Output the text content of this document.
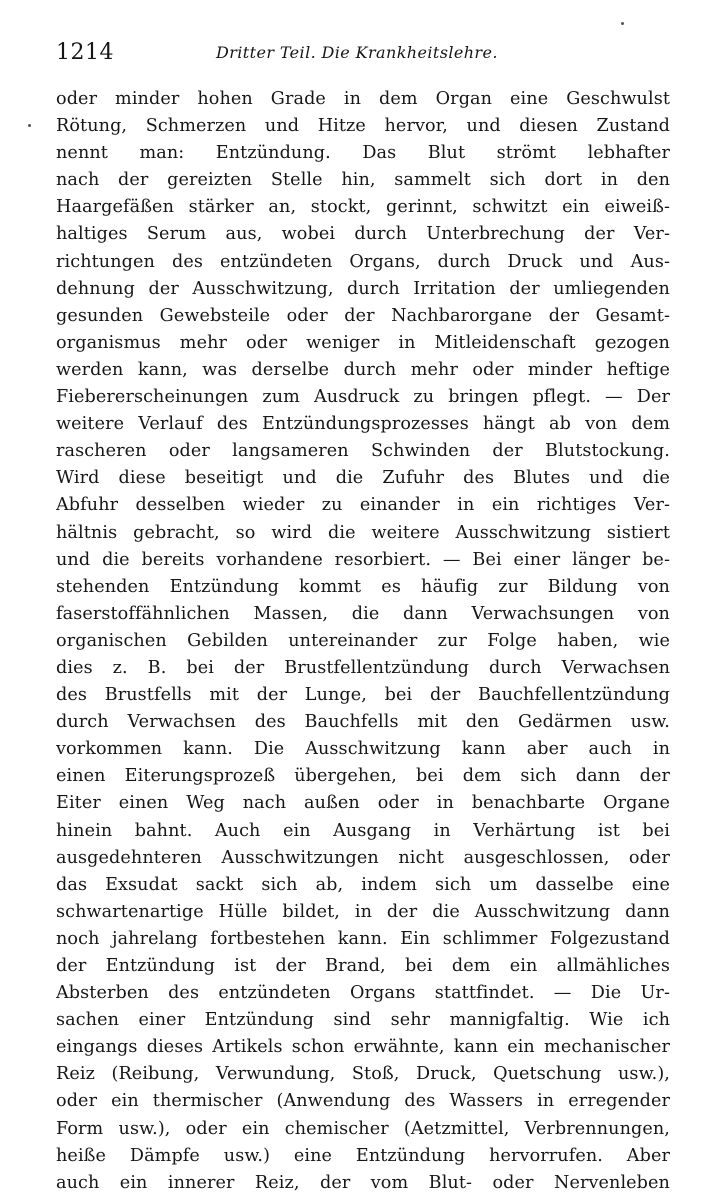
1214	Dritter Teil. Die Krankheitslehre.
oder minder hohen Grade in dem Organ eine Geschwulst
Rötung, Schmerzen und Hitze hervor, und diesen Zustand
nennt man: Entzündung. Das Blut strömt lebhafter
nach der gereizten Stelle hin, sammelt sich dort in den
Haargefäßen stärker an, stockt, gerinnt, schwitzt ein eiweiß-
haltiges Serum aus, wobei durch Unterbrechung der Ver-
richtungen des entzündeten Organs, durch Druck und Aus-
dehnung der Ausschwitzung, durch Irritation der umliegenden
gesunden Gewebsteile oder der Nachbarorgane der Gesamt-
organismus mehr oder weniger in Mitleidenschaft gezogen
werden kann, was derselbe durch mehr oder minder heftige
Fiebererscheinungen zum Ausdruck zu bringen pflegt. — Der
weitere Verlauf des Entzündungsprozesses hängt ab von dem
rascheren oder langsameren Schwinden der Blutstockung.
Wird diese beseitigt und die Zufuhr des Blutes und die
Abfuhr desselben wieder zu einander in ein richtiges Ver-
hältnis gebracht, so wird die weitere Ausschwitzung sistiert
und die bereits vorhandene resorbiert. — Bei einer länger be-
stehenden Entzündung kommt es häufig zur Bildung von
faserstoffähnlichen Massen, die dann Verwachsungen von
organischen Gebilden untereinander zur Folge haben, wie
dies z. B. bei der Brustfellentzündung durch Verwachsen
des Brustfells mit der Lunge, bei der Bauchfellentzündung
durch Verwachsen des Bauchfells mit den Gedärmen usw.
vorkommen kann. Die Ausschwitzung kann aber auch in
einen Eiterungsprozeß übergehen, bei dem sich dann der
Eiter einen Weg nach außen oder in benachbarte Organe
hinein bahnt. Auch ein Ausgang in Verhärtung ist bei
ausgedehnteren Ausschwitzungen nicht ausgeschlossen, oder
das Exsudat sackt sich ab, indem sich um dasselbe eine
schwartenartige Hülle bildet, in der die Ausschwitzung dann
noch jahrelang fortbestehen kann. Ein schlimmer Folgezustand
der Entzündung ist der Brand, bei dem ein allmähliches
Absterben des entzündeten Organs stattfindet. — Die Ur-
sachen einer Entzündung sind sehr mannigfaltig. Wie ich
eingangs dieses Artikels schon erwähnte, kann ein mechanischer
Reiz (Reibung, Verwundung, Stoß, Druck, Quetschung usw.),
oder ein thermischer (Anwendung des Wassers in erregender
Form usw.), oder ein chemischer (Aetzmittel, Verbrennungen,
heiße Dämpfe usw.) eine Entzündung hervorrufen. Aber
auch ein innerer Reiz, der vom Blut- oder Nervenleben
